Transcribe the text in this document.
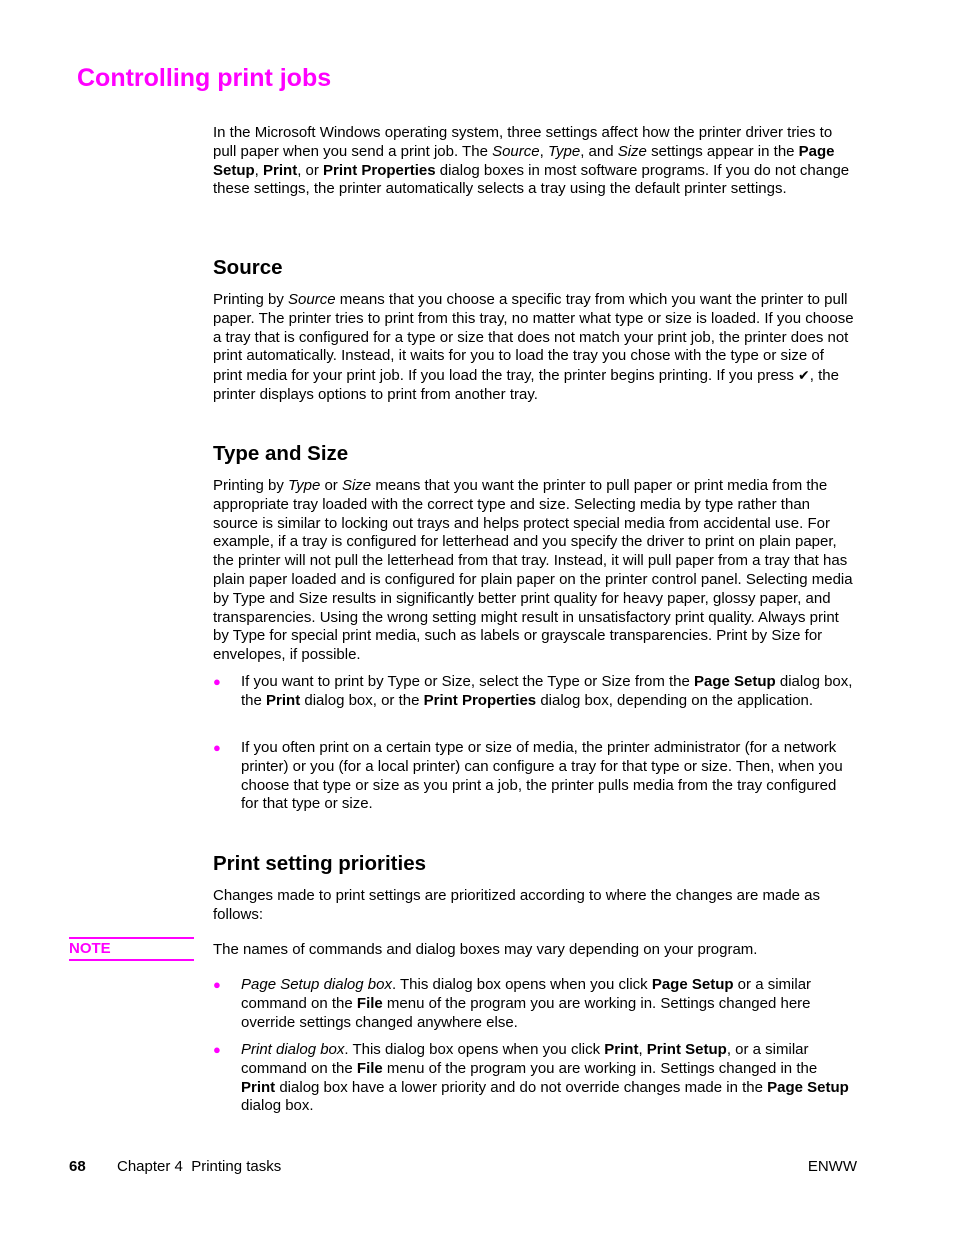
Controlling print jobs

In the Microsoft Windows operating system, three settings affect how the printer driver tries to pull paper when you send a print job. The Source, Type, and Size settings appear in the Page Setup, Print, or Print Properties dialog boxes in most software programs. If you do not change these settings, the printer automatically selects a tray using the default printer settings.

Source

Printing by Source means that you choose a specific tray from which you want the printer to pull paper. The printer tries to print from this tray, no matter what type or size is loaded. If you choose a tray that is configured for a type or size that does not match your print job, the printer does not print automatically. Instead, it waits for you to load the tray you chose with the type or size of print media for your print job. If you load the tray, the printer begins printing. If you press ✔, the printer displays options to print from another tray.

Type and Size

Printing by Type or Size means that you want the printer to pull paper or print media from the appropriate tray loaded with the correct type and size. Selecting media by type rather than source is similar to locking out trays and helps protect special media from accidental use. For example, if a tray is configured for letterhead and you specify the driver to print on plain paper, the printer will not pull the letterhead from that tray. Instead, it will pull paper from a tray that has plain paper loaded and is configured for plain paper on the printer control panel. Selecting media by Type and Size results in significantly better print quality for heavy paper, glossy paper, and transparencies. Using the wrong setting might result in unsatisfactory print quality. Always print by Type for special print media, such as labels or grayscale transparencies. Print by Size for envelopes, if possible.

● If you want to print by Type or Size, select the Type or Size from the Page Setup dialog box, the Print dialog box, or the Print Properties dialog box, depending on the application.
● If you often print on a certain type or size of media, the printer administrator (for a network printer) or you (for a local printer) can configure a tray for that type or size. Then, when you choose that type or size as you print a job, the printer pulls media from the tray configured for that type or size.
Print setting priorities

Changes made to print settings are prioritized according to where the changes are made as follows:

NOTE	The names of commands and dialog boxes may vary depending on your program.

● Page Setup dialog box. This dialog box opens when you click Page Setup or a similar command on the File menu of the program you are working in. Settings changed here override settings changed anywhere else.
● Print dialog box. This dialog box opens when you click Print, Print Setup, or a similar command on the File menu of the program you are working in. Settings changed in the Print dialog box have a lower priority and do not override changes made in the Page Setup dialog box.
68 Chapter 4  Printing tasks	ENWW
